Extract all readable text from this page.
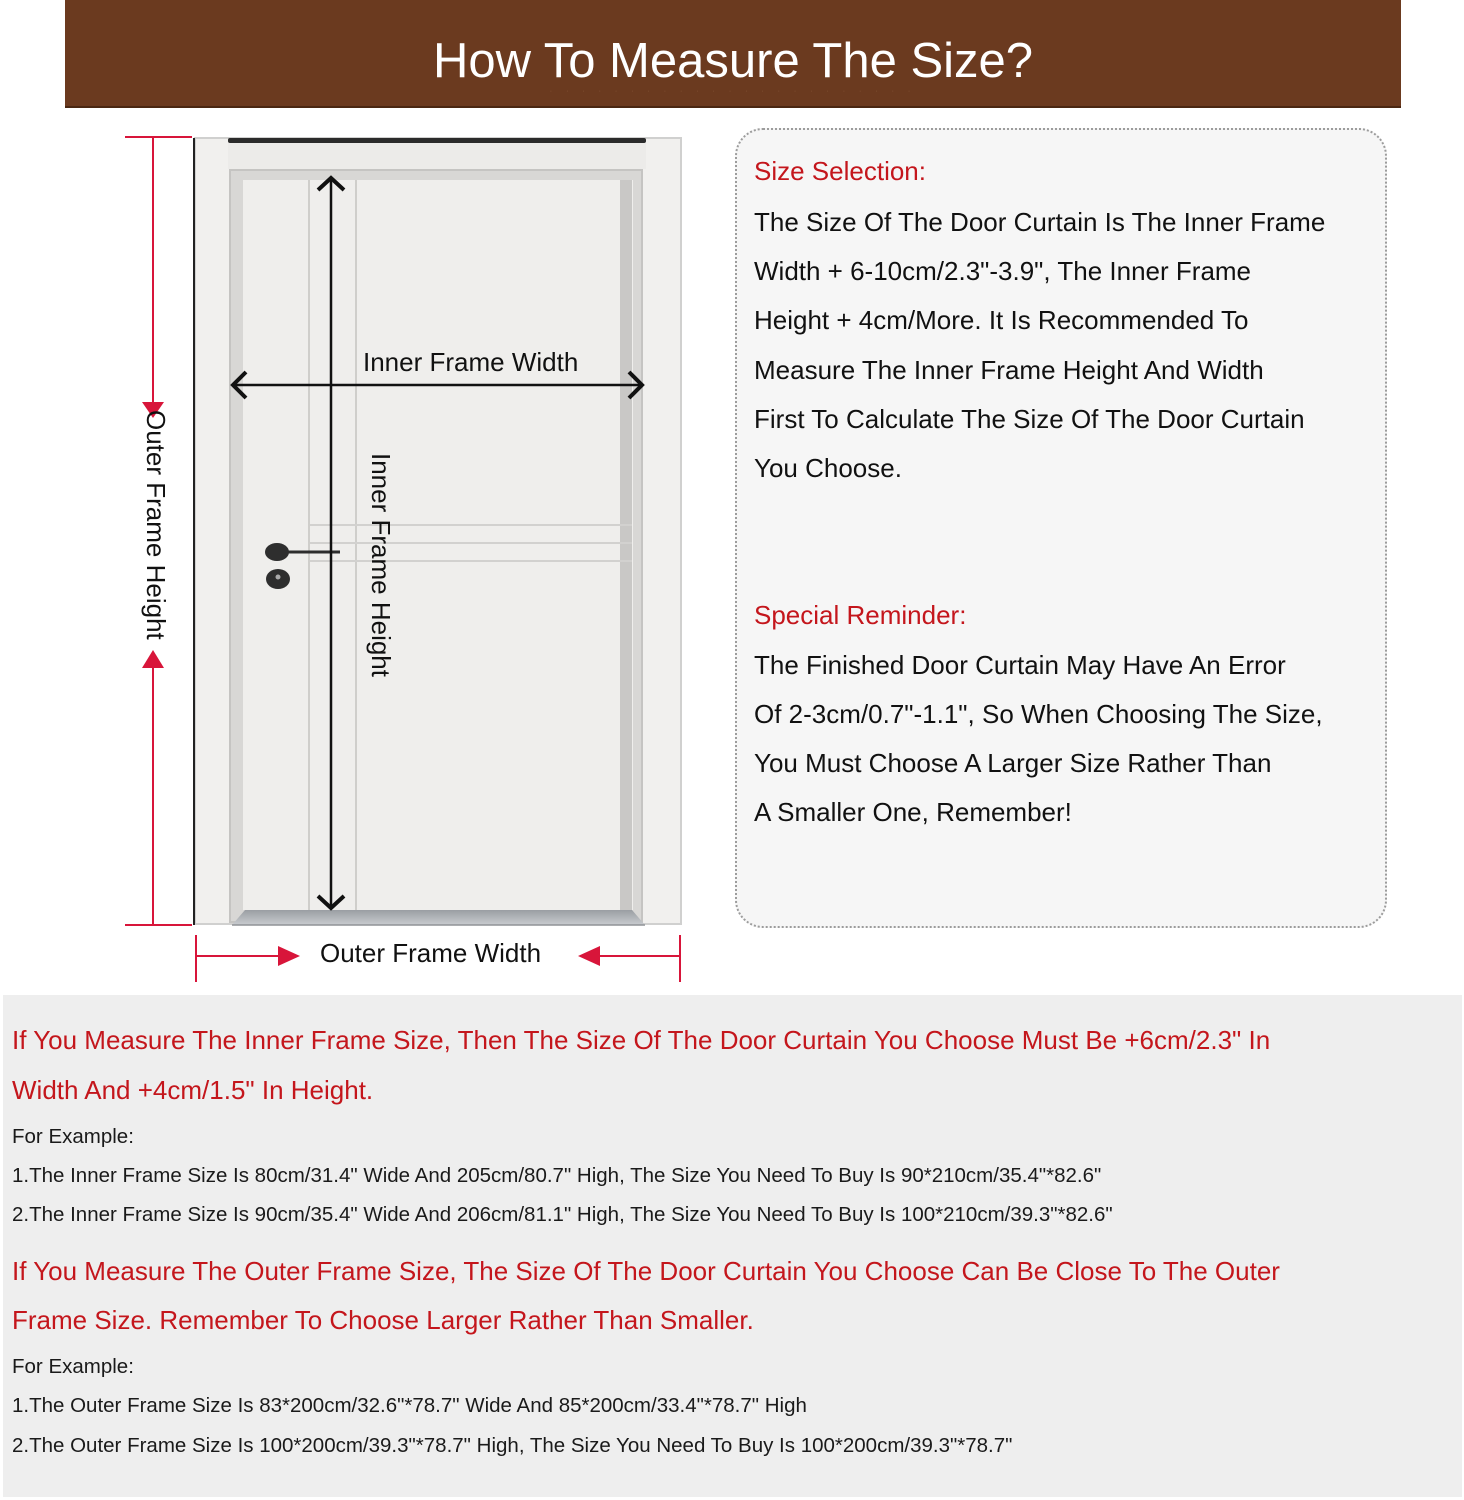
How To Measure The Size?
· · · · · · · · · · · · · · · · · · · · · · ·
Inner Frame Width
Outer Frame Width
Outer Frame Height	Inner Frame Height
Size Selection:
The Size Of The Door Curtain Is The Inner Frame
Width + 6-10cm/2.3"-3.9", The Inner Frame
Height + 4cm/More. It Is Recommended To
Measure The Inner Frame Height And Width
First To Calculate The Size Of The Door Curtain
You Choose.
Special Reminder:
The Finished Door Curtain May Have An Error
Of 2-3cm/0.7"-1.1", So When Choosing The Size,
You Must Choose A Larger Size Rather Than
A Smaller One, Remember!
If You Measure The Inner Frame Size, Then The Size Of The Door Curtain You Choose Must Be +6cm/2.3" In
Width And +4cm/1.5" In Height.
For Example:
1.The Inner Frame Size Is 80cm/31.4" Wide And 205cm/80.7" High, The Size You Need To Buy Is 90*210cm/35.4"*82.6"
2.The Inner Frame Size Is 90cm/35.4" Wide And 206cm/81.1" High, The Size You Need To Buy Is 100*210cm/39.3"*82.6"
If You Measure The Outer Frame Size, The Size Of The Door Curtain You Choose Can Be Close To The Outer
Frame Size. Remember To Choose Larger Rather Than Smaller.
For Example:
1.The Outer Frame Size Is 83*200cm/32.6"*78.7" Wide And 85*200cm/33.4"*78.7" High
2.The Outer Frame Size Is 100*200cm/39.3"*78.7" High, The Size You Need To Buy Is 100*200cm/39.3"*78.7"
